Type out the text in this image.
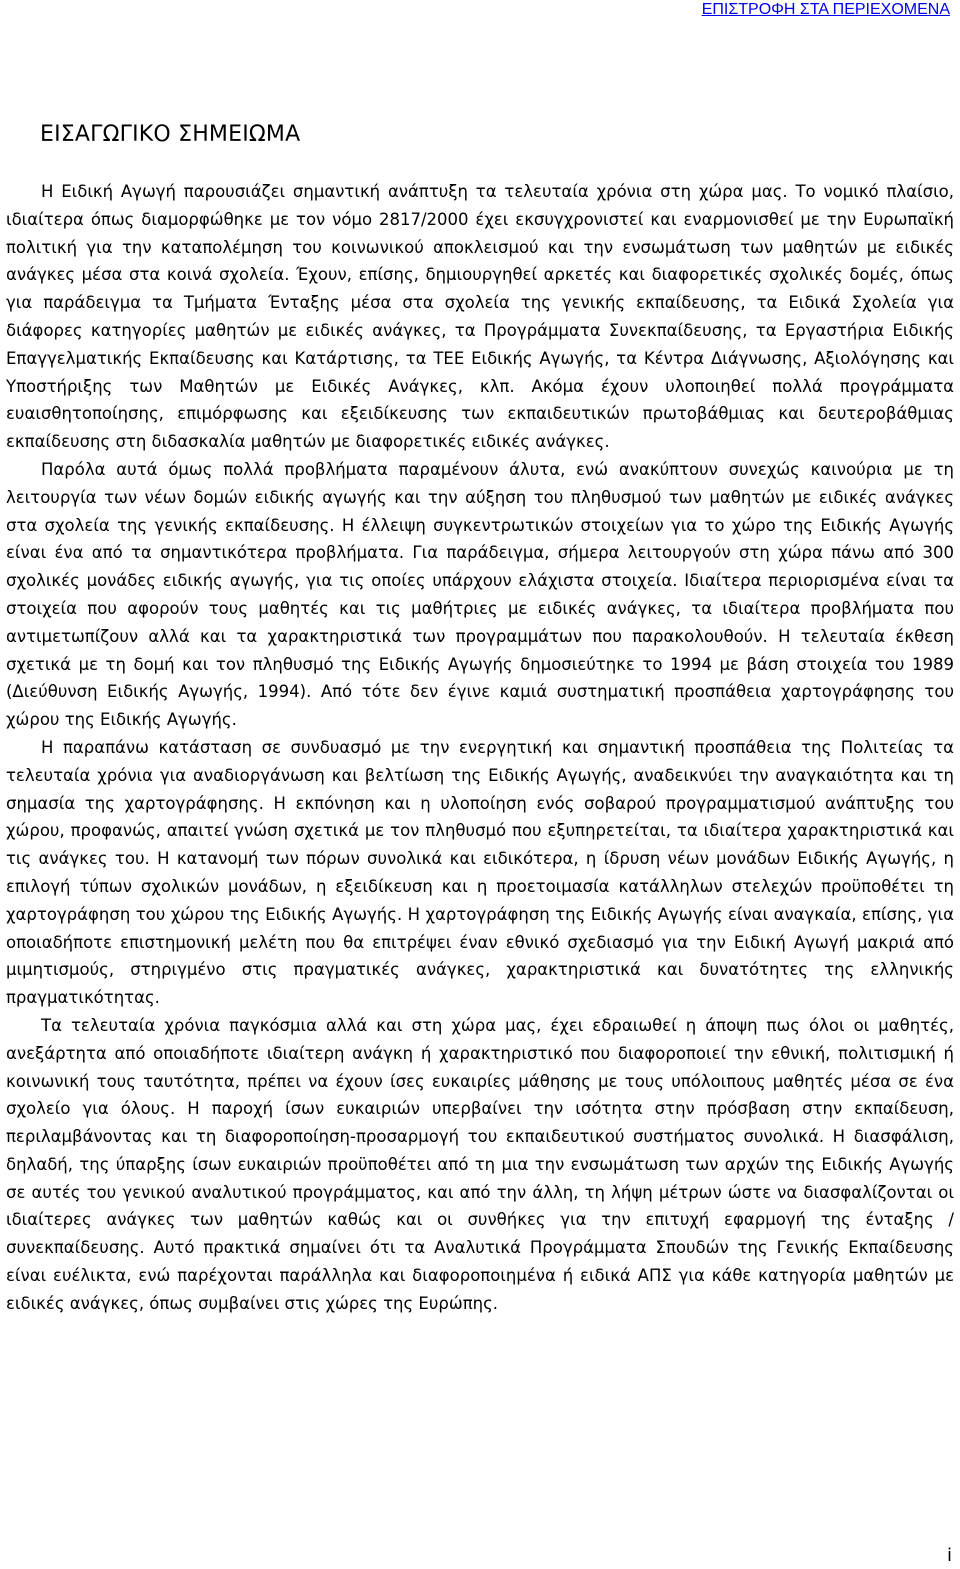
ΕΠΙΣΤΡΟΦΗ ΣΤΑ ΠΕΡΙΕΧΟΜΕΝΑ
ΕΙΣΑΓΩΓΙΚΟ ΣΗΜΕΙΩΜΑ

Η Ειδική Αγωγή παρουσιάζει σημαντική ανάπτυξη τα τελευταία χρόνια στη χώρα μας. Το νομικό πλαίσιο, ιδιαίτερα όπως διαμορφώθηκε με τον νόμο 2817/2000 έχει εκσυγχρονιστεί και εναρμονισθεί με την Ευρωπαϊκή πολιτική για την καταπολέμηση του κοινωνικού αποκλεισμού και την ενσωμάτωση των μαθητών με ειδικές ανάγκες μέσα στα κοινά σχολεία. Έχουν, επίσης, δημιουργηθεί αρκετές και διαφορετικές σχολικές δομές, όπως για παράδειγμα τα Τμήματα Ένταξης μέσα στα σχολεία της γενικής εκπαίδευσης, τα Ειδικά Σχολεία για διάφορες κατηγορίες μαθητών με ειδικές ανάγκες, τα Προγράμματα Συνεκπαίδευσης, τα Εργαστήρια Ειδικής Επαγγελματικής Εκπαίδευσης και Κατάρτισης, τα ΤΕΕ Ειδικής Αγωγής, τα Κέντρα Διάγνωσης, Αξιολόγησης και Υποστήριξης των Μαθητών με Ειδικές Ανάγκες, κλπ. Ακόμα έχουν υλοποιηθεί πολλά προγράμματα ευαισθητοποίησης, επιμόρφωσης και εξειδίκευσης των εκπαιδευτικών πρωτοβάθμιας και δευτεροβάθμιας εκπαίδευσης στη διδασκαλία μαθητών με διαφορετικές ειδικές ανάγκες.

Παρόλα αυτά όμως πολλά προβλήματα παραμένουν άλυτα, ενώ ανακύπτουν συνεχώς καινούρια με τη λειτουργία των νέων δομών ειδικής αγωγής και την αύξηση του πληθυσμού των μαθητών με ειδικές ανάγκες στα σχολεία της γενικής εκπαίδευσης. Η έλλειψη συγκεντρωτικών στοιχείων για το χώρο της Ειδικής Αγωγής είναι ένα από τα σημαντικότερα προβλήματα. Για παράδειγμα, σήμερα λειτουργούν στη χώρα πάνω από 300 σχολικές μονάδες ειδικής αγωγής, για τις οποίες υπάρχουν ελάχιστα στοιχεία. Ιδιαίτερα περιορισμένα είναι τα στοιχεία που αφορούν τους μαθητές και τις μαθήτριες με ειδικές ανάγκες, τα ιδιαίτερα προβλήματα που αντιμετωπίζουν αλλά και τα χαρακτηριστικά των προγραμμάτων που παρακολουθούν. Η τελευταία έκθεση σχετικά με τη δομή και τον πληθυσμό της Ειδικής Αγωγής δημοσιεύτηκε το 1994 με βάση στοιχεία του 1989 (Διεύθυνση Ειδικής Αγωγής, 1994). Από τότε δεν έγινε καμιά συστηματική προσπάθεια χαρτογράφησης του χώρου της Ειδικής Αγωγής.

Η παραπάνω κατάσταση σε συνδυασμό με την ενεργητική και σημαντική προσπάθεια της Πολιτείας τα τελευταία χρόνια για αναδιοργάνωση και βελτίωση της Ειδικής Αγωγής, αναδεικνύει την αναγκαιότητα και τη σημασία της χαρτογράφησης. Η εκπόνηση και η υλοποίηση ενός σοβαρού προγραμματισμού ανάπτυξης του χώρου, προφανώς, απαιτεί γνώση σχετικά με τον πληθυσμό που εξυπηρετείται, τα ιδιαίτερα χαρακτηριστικά και τις ανάγκες του. Η κατανομή των πόρων συνολικά και ειδικότερα, η ίδρυση νέων μονάδων Ειδικής Αγωγής, η επιλογή τύπων σχολικών μονάδων, η εξειδίκευση και η προετοιμασία κατάλληλων στελεχών προϋποθέτει τη χαρτογράφηση του χώρου της Ειδικής Αγωγής. Η χαρτογράφηση της Ειδικής Αγωγής είναι αναγκαία, επίσης, για οποιαδήποτε επιστημονική μελέτη που θα επιτρέψει έναν εθνικό σχεδιασμό για την Ειδική Αγωγή μακριά από μιμητισμούς, στηριγμένο στις πραγματικές ανάγκες, χαρακτηριστικά και δυνατότητες της ελληνικής πραγματικότητας.

Τα τελευταία χρόνια παγκόσμια αλλά και στη χώρα μας, έχει εδραιωθεί η άποψη πως όλοι οι μαθητές, ανεξάρτητα από οποιαδήποτε ιδιαίτερη ανάγκη ή χαρακτηριστικό που διαφοροποιεί την εθνική, πολιτισμική ή κοινωνική τους ταυτότητα, πρέπει να έχουν ίσες ευκαιρίες μάθησης με τους υπόλοιπους μαθητές μέσα σε ένα σχολείο για όλους. Η παροχή ίσων ευκαιριών υπερβαίνει την ισότητα στην πρόσβαση στην εκπαίδευση, περιλαμβάνοντας και τη διαφοροποίηση-προσαρμογή του εκπαιδευτικού συστήματος συνολικά. Η διασφάλιση, δηλαδή, της ύπαρξης ίσων ευκαιριών προϋποθέτει από τη μια την ενσωμάτωση των αρχών της Ειδικής Αγωγής σε αυτές του γενικού αναλυτικού προγράμματος, και από την άλλη, τη λήψη μέτρων ώστε να διασφαλίζονται οι ιδιαίτερες ανάγκες των μαθητών καθώς και οι συνθήκες για την επιτυχή εφαρμογή της ένταξης / συνεκπαίδευσης. Αυτό πρακτικά σημαίνει ότι τα Αναλυτικά Προγράμματα Σπουδών της Γενικής Εκπαίδευσης είναι ευέλικτα, ενώ παρέχονται παράλληλα και διαφοροποιημένα ή ειδικά ΑΠΣ για κάθε κατηγορία μαθητών με ειδικές ανάγκες, όπως συμβαίνει στις χώρες της Ευρώπης.

i
